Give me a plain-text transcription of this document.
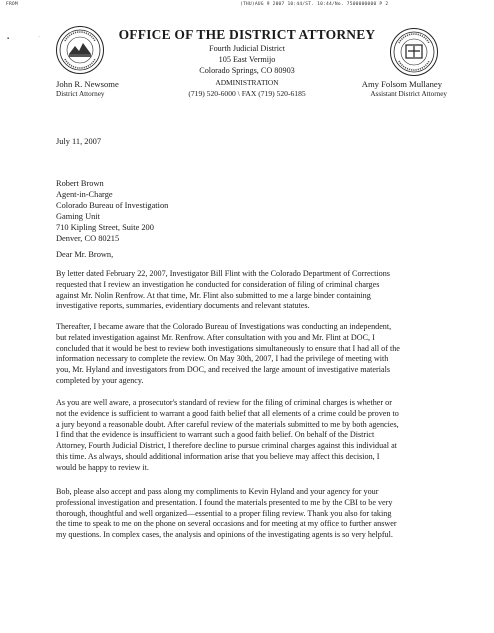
FROM	(THU)AUG 9 2007 10:44/ST. 10:44/No. 7500000000 P 2
▪	˙	OFFICE OF THE DISTRICT ATTORNEY
Fourth Judicial District
105 East Vermijo
Colorado Springs, CO 80903
ADMINISTRATION
(719) 520-6000 \ FAX (719) 520-6185
John R. Newsome
District Attorney
Amy Folsom Mullaney
Assistant District Attorney
July 11, 2007
Robert Brown
Agent-in-Charge
Colorado Bureau of Investigation
Gaming Unit
710 Kipling Street, Suite 200
Denver, CO 80215
Dear Mr. Brown,
By letter dated February 22, 2007, Investigator Bill Flint with the Colorado Department of Corrections
requested that I review an investigation he conducted for consideration of filing of criminal charges
against Mr. Nolin Renfrow. At that time, Mr. Flint also submitted to me a large binder containing
investigative reports, summaries, evidentiary documents and relevant statutes.
Thereafter, I became aware that the Colorado Bureau of Investigations was conducting an independent,
but related investigation against Mr. Renfrow. After consultation with you and Mr. Flint at DOC, I
concluded that it would be best to review both investigations simultaneously to ensure that I had all of the
information necessary to complete the review. On May 30th, 2007, I had the privilege of meeting with
you, Mr. Hyland and investigators from DOC, and received the large amount of investigative materials
completed by your agency.
As you are well aware, a prosecutor's standard of review for the filing of criminal charges is whether or
not the evidence is sufficient to warrant a good faith belief that all elements of a crime could be proven to
a jury beyond a reasonable doubt. After careful review of the materials submitted to me by both agencies,
I find that the evidence is insufficient to warrant such a good faith belief. On behalf of the District
Attorney, Fourth Judicial District, I therefore decline to pursue criminal charges against this individual at
this time. As always, should additional information arise that you believe may affect this decision, I
would be happy to review it.
Bob, please also accept and pass along my compliments to Kevin Hyland and your agency for your
professional investigation and presentation. I found the materials presented to me by the CBI to be very
thorough, thoughtful and well organized—essential to a proper filing review. Thank you also for taking
the time to speak to me on the phone on several occasions and for meeting at my office to further answer
my questions. In complex cases, the analysis and opinions of the investigating agents is so very helpful.
